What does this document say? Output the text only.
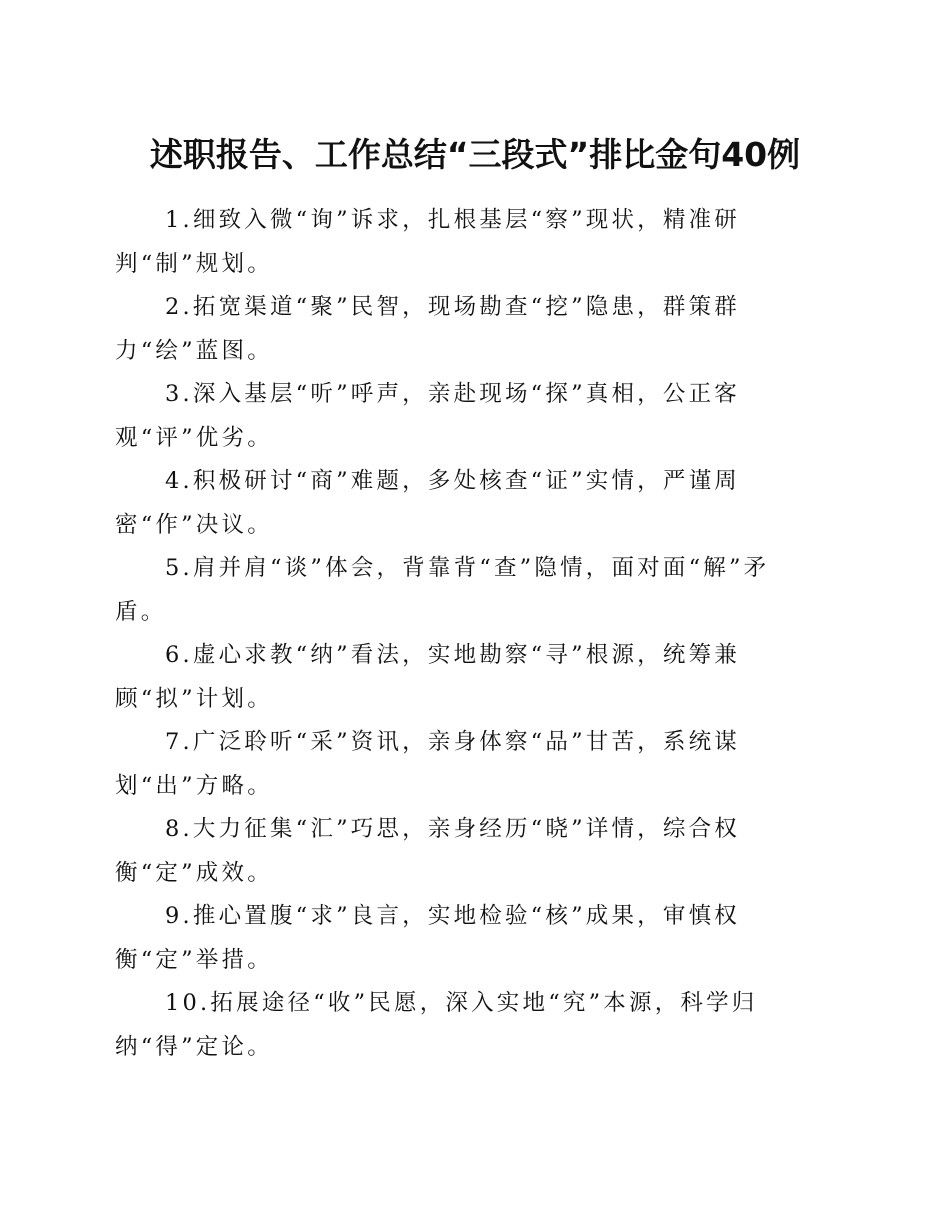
述职报告、工作总结“三段式”排比金句40例
1.细致入微“询”诉求，扎根基层“察”现状，精准研
判“制”规划。
2.拓宽渠道“聚”民智，现场勘查“挖”隐患，群策群
力“绘”蓝图。
3.深入基层“听”呼声，亲赴现场“探”真相，公正客
观“评”优劣。
4.积极研讨“商”难题，多处核查“证”实情，严谨周
密“作”决议。
5.肩并肩“谈”体会，背靠背“查”隐情，面对面“解”矛
盾。
6.虚心求教“纳”看法，实地勘察“寻”根源，统筹兼
顾“拟”计划。
7.广泛聆听“采”资讯，亲身体察“品”甘苦，系统谋
划“出”方略。
8.大力征集“汇”巧思，亲身经历“晓”详情，综合权
衡“定”成效。
9.推心置腹“求”良言，实地检验“核”成果，审慎权
衡“定”举措。
10.拓展途径“收”民愿，深入实地“究”本源，科学归
纳“得”定论。
